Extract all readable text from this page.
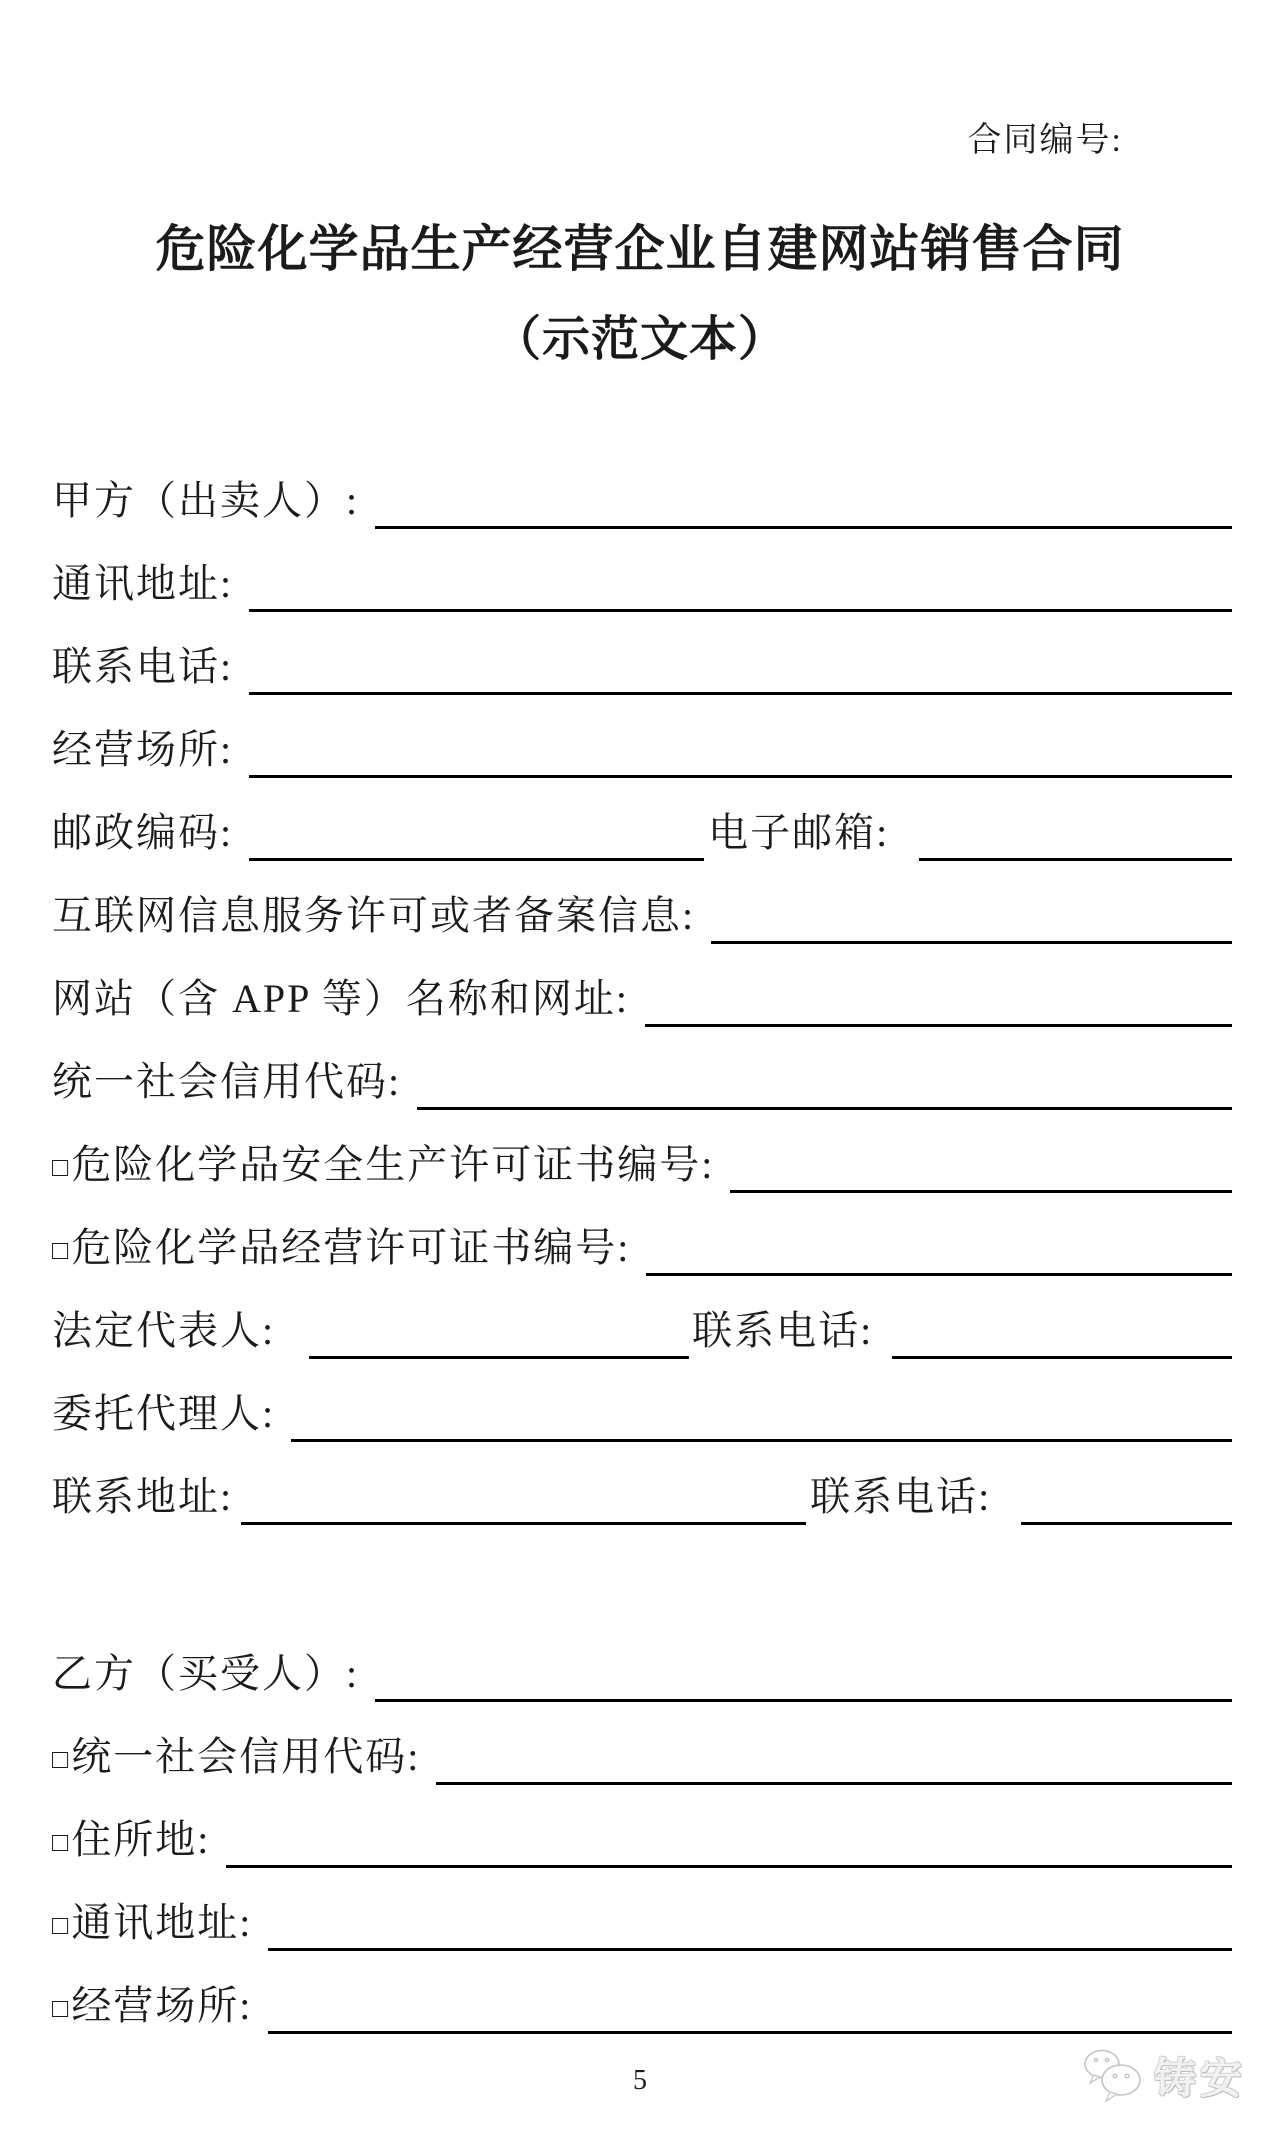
合同编号:
危险化学品生产经营企业自建网站销售合同
（示范文本）
甲方（出卖人）:
通讯地址:
联系电话:
经营场所:
邮政编码:	电子邮箱:
互联网信息服务许可或者备案信息:
网站（含 APP 等）名称和网址:
统一社会信用代码:
□ 危险化学品安全生产许可证书编号:
□ 危险化学品经营许可证书编号:
法定代表人:	联系电话:
委托代理人:
联系地址:	联系电话:
乙方（买受人）:
□ 统一社会信用代码:
□ 住所地:
□ 通讯地址:
□ 经营场所:
5	铸安
